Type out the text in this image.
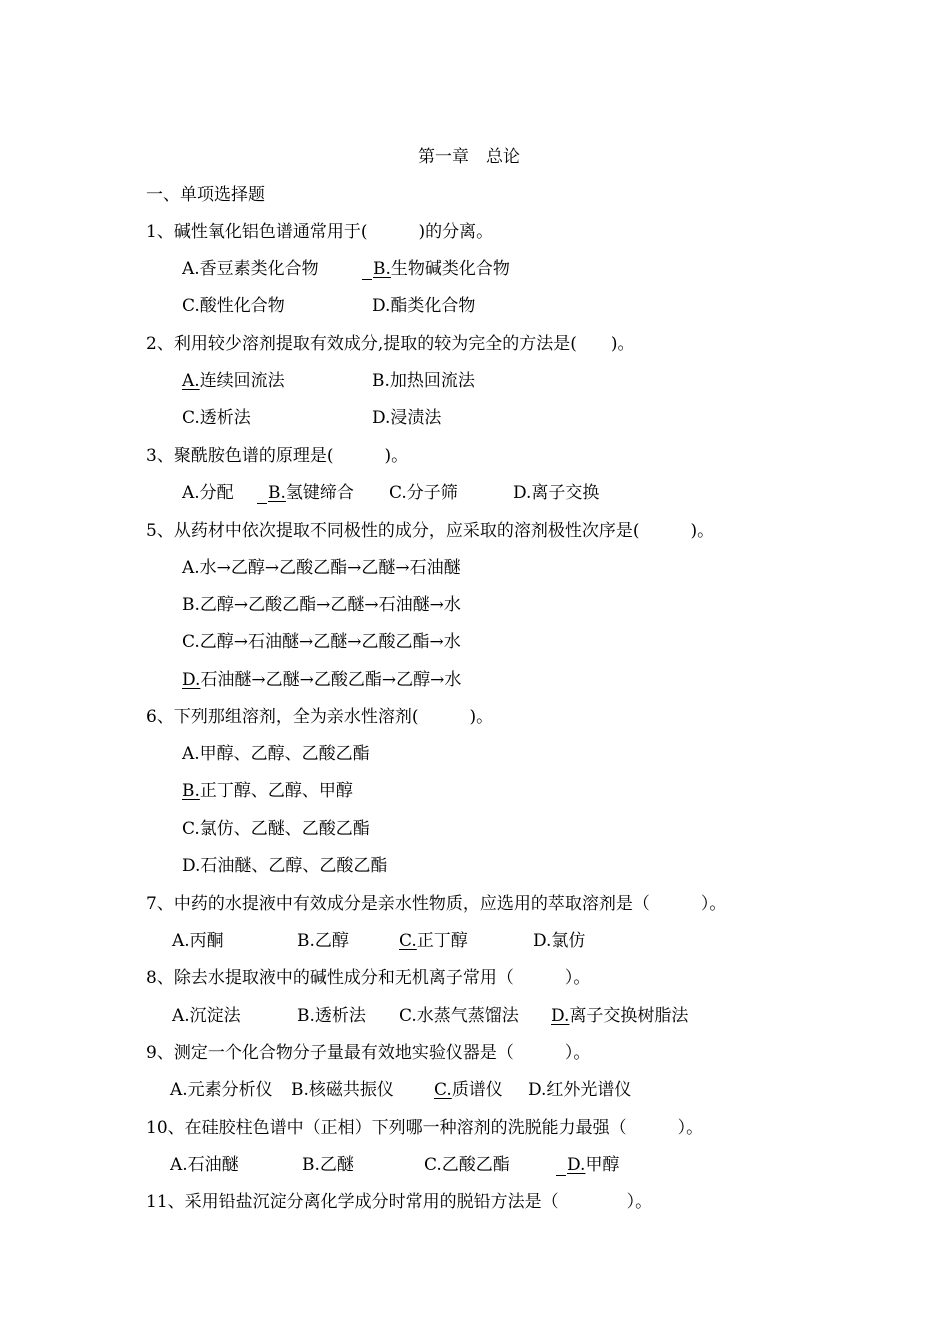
第一章　总论
一、单项选择题
1、碱性氧化铝色谱通常用于(　　　)的分离。
A.香豆素类化合物	B.生物碱类化合物
C.酸性化合物	D.酯类化合物
2、利用较少溶剂提取有效成分,提取的较为完全的方法是(　　)。
A.连续回流法	B.加热回流法
C.透析法	D.浸渍法
3、聚酰胺色谱的原理是(　　　)。
A.分配	B.氢键缔合 C.分子筛	D.离子交换
5、从药材中依次提取不同极性的成分，应采取的溶剂极性次序是(　　　)。
A.水→乙醇→乙酸乙酯→乙醚→石油醚
B.乙醇→乙酸乙酯→乙醚→石油醚→水
C.乙醇→石油醚→乙醚→乙酸乙酯→水
D.石油醚→乙醚→乙酸乙酯→乙醇→水
6、下列那组溶剂，全为亲水性溶剂(　　　)。
A.甲醇、乙醇、乙酸乙酯
B.正丁醇、乙醇、甲醇
C.氯仿、乙醚、乙酸乙酯
D.石油醚、乙醇、乙酸乙酯
7、中药的水提液中有效成分是亲水性物质，应选用的萃取溶剂是（　　　）。
A.丙酮	B.乙醇	C.正丁醇	D.氯仿
8、除去水提取液中的碱性成分和无机离子常用（　　　）。
A.沉淀法	B.透析法 C.水蒸气蒸馏法 D.离子交换树脂法
9、测定一个化合物分子量最有效地实验仪器是（　　　）。
A.元素分析仪 B.核磁共振仪 C.质谱仪 D.红外光谱仪
10、在硅胶柱色谱中（正相）下列哪一种溶剂的洗脱能力最强（　　　）。
A.石油醚	B.乙醚	C.乙酸乙酯	D.甲醇
11、采用铅盐沉淀分离化学成分时常用的脱铅方法是（　　　　）。
